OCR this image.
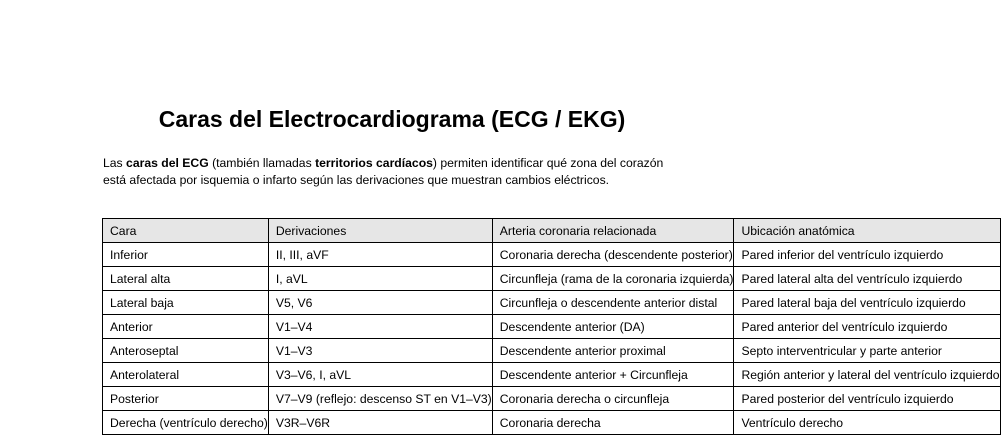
Caras del Electrocardiograma (ECG / EKG)

Las caras del ECG (también llamadas territorios cardíacos) permiten identificar qué zona del corazón está afectada por isquemia o infarto según las derivaciones que muestran cambios eléctricos.

Cara	Derivaciones	Arteria coronaria relacionada	Ubicación anatómica
Inferior	II, III, aVF	Coronaria derecha (descendente posterior)	Pared inferior del ventrículo izquierdo
Lateral alta	I, aVL	Circunfleja (rama de la coronaria izquierda)	Pared lateral alta del ventrículo izquierdo
Lateral baja	V5, V6	Circunfleja o descendente anterior distal	Pared lateral baja del ventrículo izquierdo
Anterior	V1–V4	Descendente anterior (DA)	Pared anterior del ventrículo izquierdo
Anteroseptal	V1–V3	Descendente anterior proximal	Septo interventricular y parte anterior
Anterolateral	V3–V6, I, aVL	Descendente anterior + Circunfleja	Región anterior y lateral del ventrículo izquierdo
Posterior	V7–V9 (reflejo: descenso ST en V1–V3)	Coronaria derecha o circunfleja	Pared posterior del ventrículo izquierdo
Derecha (ventrículo derecho)	V3R–V6R	Coronaria derecha	Ventrículo derecho
